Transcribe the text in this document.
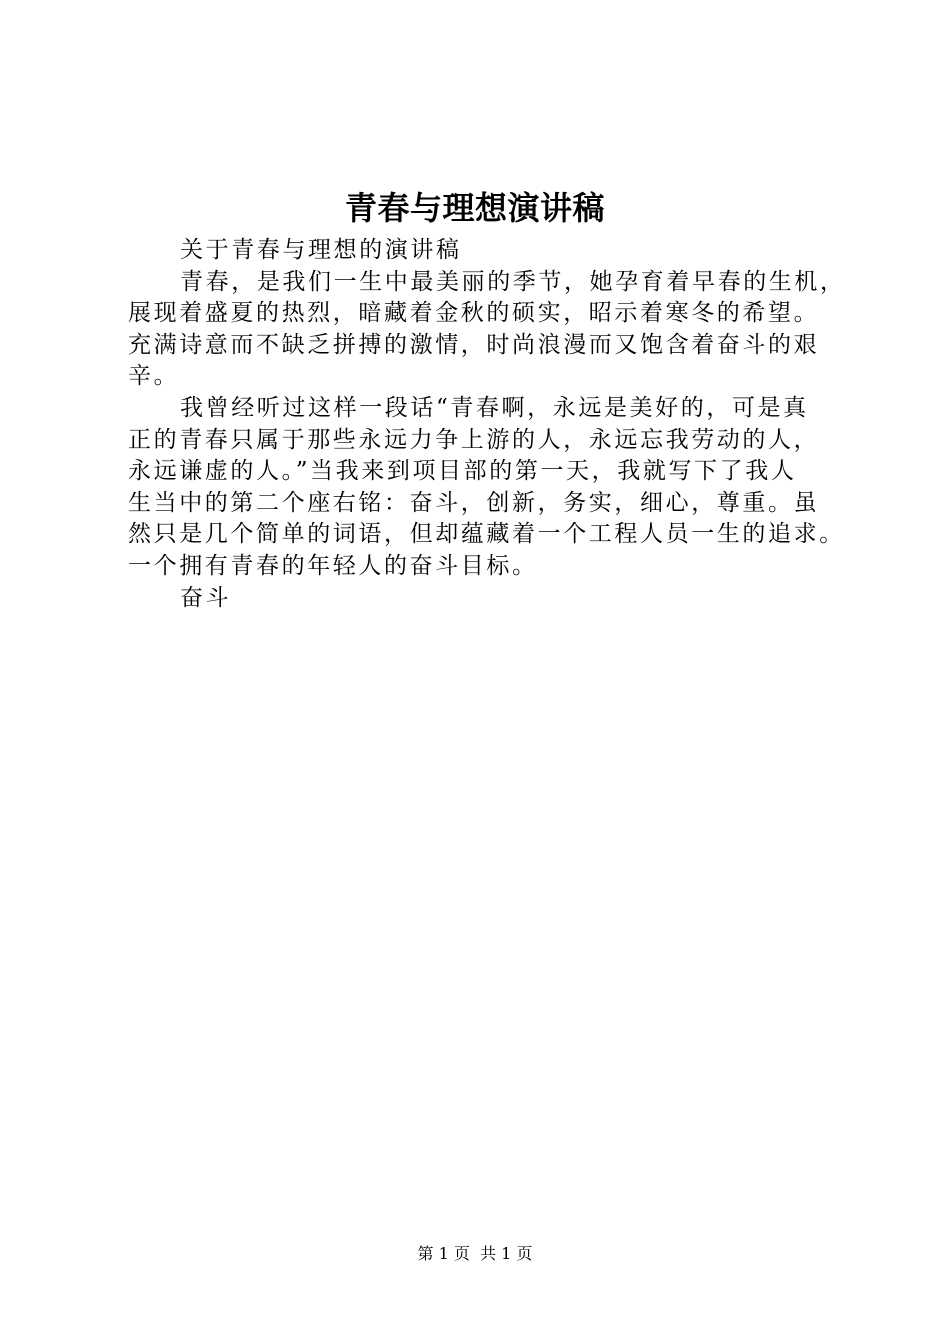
青春与理想演讲稿
关于青春与理想的演讲稿
青春，是我们一生中最美丽的季节，她孕育着早春的生机，
展现着盛夏的热烈，暗藏着金秋的硕实，昭示着寒冬的希望。
充满诗意而不缺乏拼搏的激情，时尚浪漫而又饱含着奋斗的艰
辛。
我曾经听过这样一段话“青春啊，永远是美好的，可是真
正的青春只属于那些永远力争上游的人，永远忘我劳动的人，
永远谦虚的人。”当我来到项目部的第一天，我就写下了我人
生当中的第二个座右铭：奋斗，创新，务实，细心，尊重。虽
然只是几个简单的词语，但却蕴藏着一个工程人员一生的追求。
一个拥有青春的年轻人的奋斗目标。
奋斗
第 1 页  共 1 页
